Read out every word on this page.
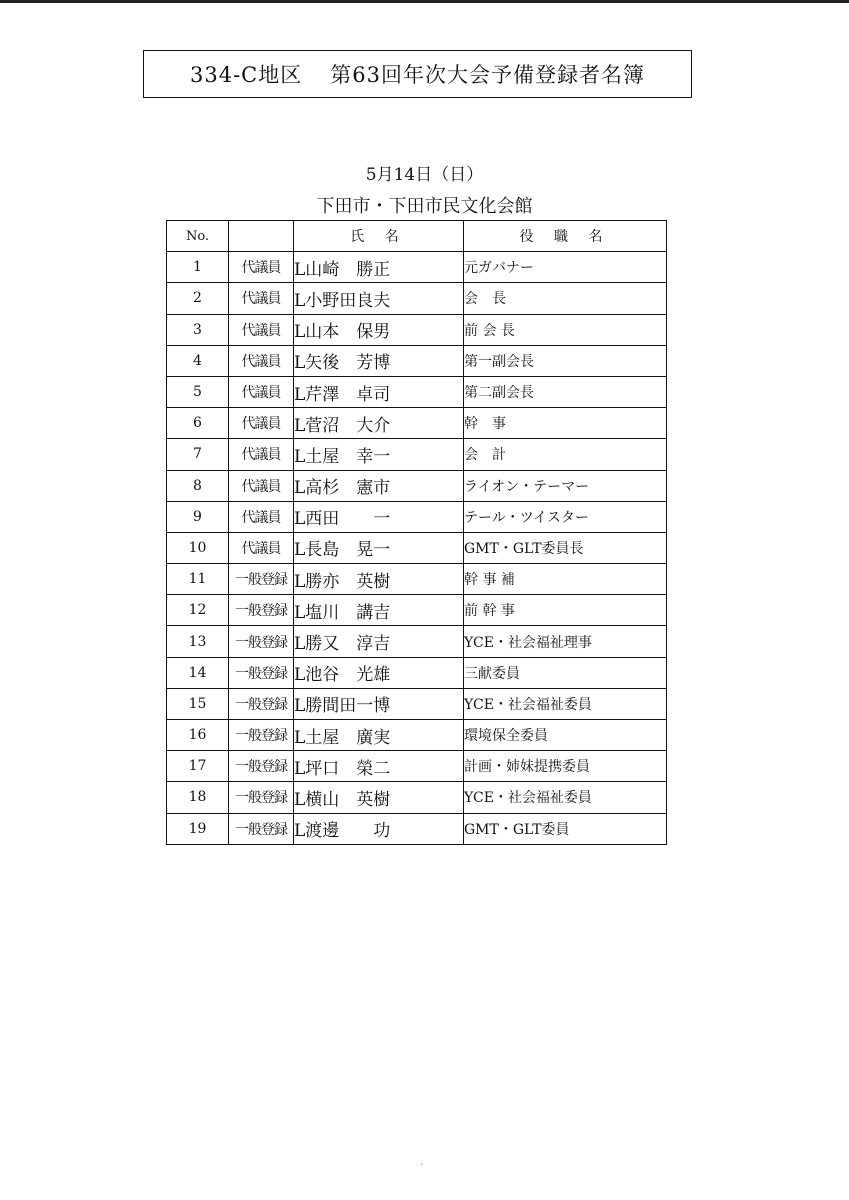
334-C地区 第63回年次大会予備登録者名簿
5月14日（日）
下田市・下田市民文化会館
No.		氏 名	役 職 名
1	代議員	L山崎　勝正	元ガバナー
2	代議員	L小野田良夫	会　長
3	代議員	L山本　保男	前 会 長
4	代議員	L矢後　芳博	第一副会長
5	代議員	L芹澤　卓司	第二副会長
6	代議員	L菅沼　大介	幹　事
7	代議員	L土屋　幸一	会　計
8	代議員	L高杉　憲市	ライオン・テーマー
9	代議員	L西田　　一	テール・ツイスター
10	代議員	L長島　晃一	GMT・GLT委員長
11	一般登録	L勝亦　英樹	幹 事 補
12	一般登録	L塩川　講吉	前 幹 事
13	一般登録	L勝又　淳吉	YCE・社会福祉理事
14	一般登録	L池谷　光雄	三献委員
15	一般登録	L勝間田一博	YCE・社会福祉委員
16	一般登録	L土屋　廣実	環境保全委員
17	一般登録	L坪口　榮二	計画・姉妹提携委員
18	一般登録	L横山　英樹	YCE・社会福祉委員
19	一般登録	L渡邊　　功	GMT・GLT委員
·
